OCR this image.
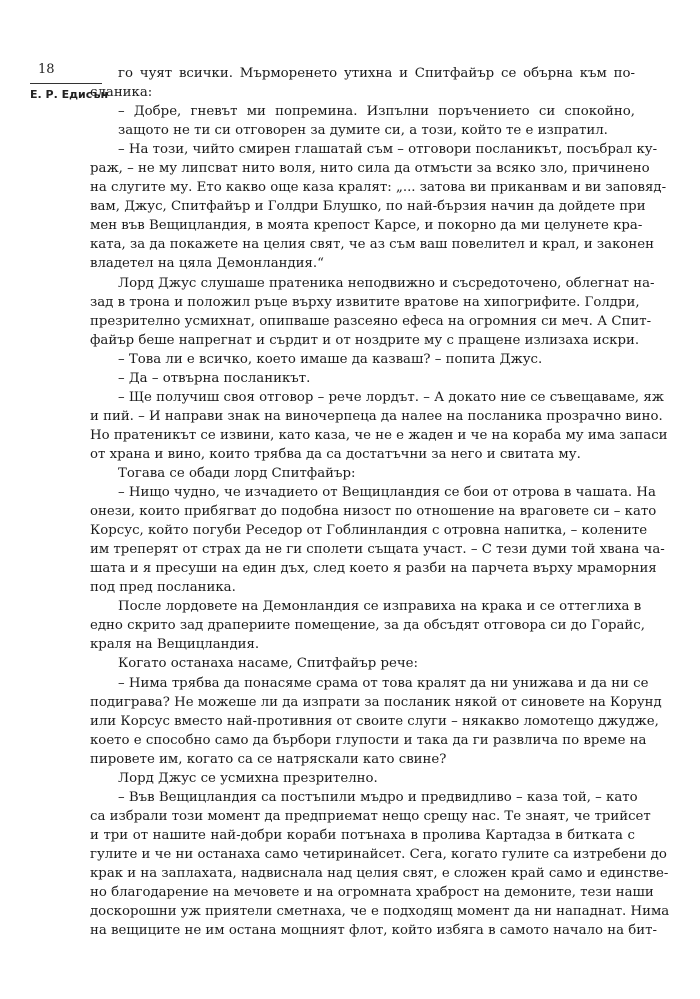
18
Е. Р. Едисън
го чуят всички. Мърморенето утихна и Спитфайър се обърна към по-
сланика:
– Добре, гневът ми попремина. Изпълни поръчението си спокойно,
защото не ти си отговорен за думите си, а този, който те е изпратил.
– На този, чийто смирен глашатай съм – отговори посланикът, посъбрал ку-
раж, – не му липсват нито воля, нито сила да отмъсти за всяко зло, причинено
на слугите му. Ето какво още каза кралят: „... затова ви приканвам и ви заповяд-
вам, Джус, Спитфайър и Голдри Блушко, по най-бързия начин да дойдете при
мен във Вещицландия, в моята крепост Карсе, и покорно да ми целунете кра-
ката, за да покажете на целия свят, че аз съм ваш повелител и крал, и законен
владетел на цяла Демонландия.“
Лорд Джус слушаше пратеника неподвижно и съсредоточено, облегнат на-
зад в трона и положил ръце върху извитите вратове на хипогрифите. Голдри,
презрително усмихнат, опипваше разсеяно ефеса на огромния си меч. А Спит-
файър беше напрегнат и сърдит и от ноздрите му с пращене излизаха искри.
– Това ли е всичко, което имаше да казваш? – попита Джус.
– Да – отвърна посланикът.
– Ще получиш своя отговор – рече лордът. – А докато ние се съвещаваме, яж
и пий. – И направи знак на виночерпеца да налее на посланика прозрачно вино.
Но пратеникът се извини, като каза, че не е жаден и че на кораба му има запаси
от храна и вино, които трябва да са достатъчни за него и свитата му.
Тогава се обади лорд Спитфайър:
– Нищо чудно, че изчадието от Вещицландия се бои от отрова в чашата. На
онези, които прибягват до подобна низост по отношение на враговете си – като
Корсус, който погуби Реседор от Гоблинландия с отровна напитка, – колените
им треперят от страх да не ги сполети същата участ. – С тези думи той хвана ча-
шата и я пресуши на един дъх, след което я разби на парчета върху мраморния
под пред посланика.
После лордовете на Демонландия се изправиха на крака и се оттеглиха в
едно скрито зад драпериите помещение, за да обсъдят отговора си до Горайс,
краля на Вещицландия.
Когато останаха насаме, Спитфайър рече:
– Нима трябва да понасяме срама от това кралят да ни унижава и да ни се
подиграва? Не можеше ли да изпрати за посланик някой от синовете на Корунд
или Корсус вместо най-противния от своите слуги – някакво ломотещо джудже,
което е способно само да бърбори глупости и така да ги развлича по време на
пировете им, когато са се натряскали като свине?
Лорд Джус се усмихна презрително.
– Във Вещицландия са постъпили мъдро и предвидливо – каза той, – като
са избрали този момент да предприемат нещо срещу нас. Те знаят, че трийсет
и три от нашите най-добри кораби потънаха в пролива Картадза в битката с
гулите и че ни останаха само четиринайсет. Сега, когато гулите са изтребени до
крак и на заплахата, надвиснала над целия свят, е сложен край само и единстве-
но благодарение на мечовете и на огромната храброст на демоните, тези наши
доскорошни уж приятели сметнаха, че е подходящ момент да ни нападнат. Нима
на вещиците не им остана мощният флот, който избяга в самото начало на бит-
